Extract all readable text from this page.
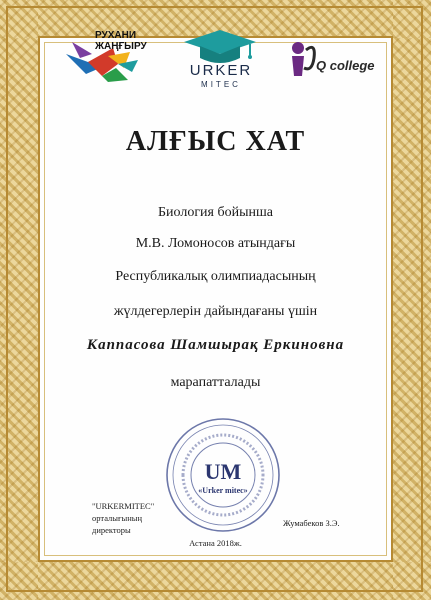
РУХАНИ ЖАҢҒЫРУ
URKER
MITEC
Q college
АЛҒЫС ХАТ
Биология бойынша
М.В. Ломоносов атындағы
Республикалық олимпиадасының
жүлдегерлерін дайындағаны үшін
Каппасова Шамшырақ Еркиновна
марапатталады
UM
«Urker mitec»
"URKERMITEC"
орталығының
директоры
Жумабеков З.Э.
Астана 2018ж.
